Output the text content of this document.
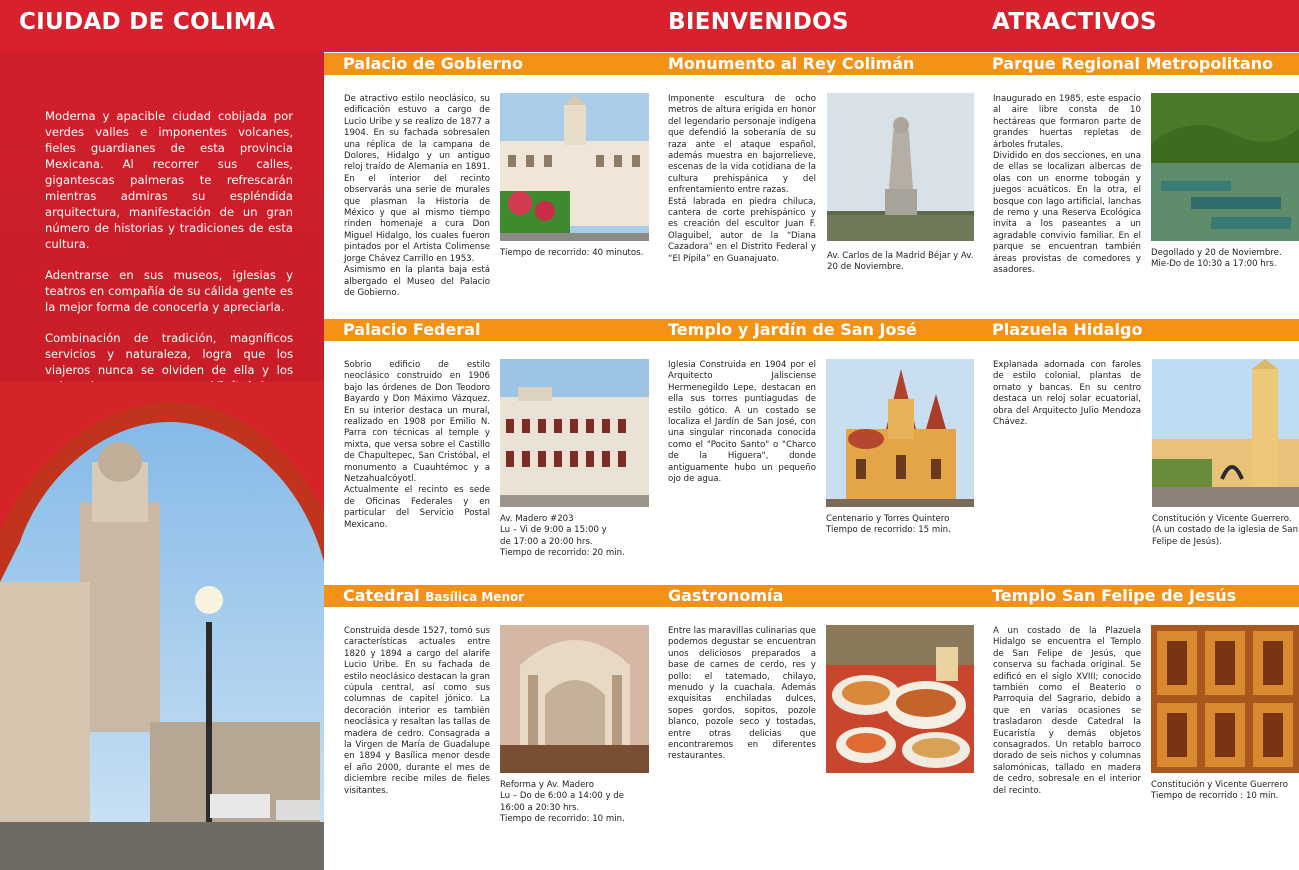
CIUDAD DE COLIMA	BIENVENIDOS	ATRACTIVOS

Moderna y apacible ciudad cobijada por verdes valles e imponentes volcanes, fieles guardianes de esta provincia Mexicana. Al recorrer sus calles, gigantescas palmeras te refrescarán mientras admiras su espléndida arquitectura, manifestación de un gran número de historias y tradiciones de esta cultura.

Adentrarse en sus museos, iglesias y teatros en compañía de su cálida gente es la mejor forma de conocerla y apreciarla.

Combinación de tradición, magníficos servicios y naturaleza, logra que los viajeros nunca se olviden de ella y los

Palacio de Gobierno	Monumento al Rey Colimán	Parque Regional Metropolitano
Palacio Federal	Templo y Jardín de San José	Plazuela Hidalgo
Catedral Basílica Menor	Gastronomía	Templo San Felipe de Jesús
De atractivo estilo neoclásico, su edificación estuvo a cargo de Lucio Uribe y se realizo de 1877 a 1904. En su fachada sobresalen una réplica de la campana de Dolores, Hidalgo y un antiguo reloj traído de Alemania en 1891. En el interior del recinto observarás una serie de murales que plasman la Historia de México y que al mismo tiempo rinden homenaje a cura Don Miguel Hidalgo, los cuales fueron pintados por el Artista Colimense Jorge Chávez Carrillo en 1953.
Asimismo en la planta baja está albergado el Museo del Palacio de Gobierno.
Tiempo de recorrido: 40 minutos.
Imponente escultura de ocho metros de altura erigida en honor del legendario personaje indígena que defendió la soberanía de su raza ante el ataque español, además muestra en bajorrelieve, escenas de la vida cotidiana de la cultura prehispánica y del enfrentamiento entre razas.
Está labrada en piedra chiluca, cantera de corte prehispánico y es creación del escultor Juan F. Olaguibel, autor de la “Diana Cazadora” en el Distrito Federal y “El Pípila” en Guanajuato.	Av. Carlos de la Madrid Béjar y Av. 20 de Noviembre.
Inaugurado en 1985, este espacio al aire libre consta de 10 hectáreas que formaron parte de grandes huertas repletas de árboles frutales.
Dividido en dos secciones, en una de ellas se localizan albercas de olas con un enorme tobogán y juegos acuáticos. En la otra, el bosque con lago artificial, lanchas de remo y una Reserva Ecológica invita a los paseantes a un agradable convivio familiar. En el parque se encuentran también áreas provistas de comedores y asadores.
Degollado y 20 de Noviembre.
Mie-Do de 10:30 a 17:00 hrs.
Sobrio edificio de estilo neoclásico construido en 1906 bajo las órdenes de Don Teodoro Bayardo y Don Máximo Vázquez. En su interior destaca un mural, realizado en 1908 por Emilio N. Parra con técnicas al temple y mixta, que versa sobre el Castillo de Chapultepec, San Cristóbal, el monumento a Cuauhtémoc y a Netzahualcóyotl.
Actualmente el recinto es sede de Oficinas Federales y en particular del Servicio Postal Mexicano.
Av. Madero #203
Lu – Vi de 9:00 a 15:00 y
de 17:00 a 20:00 hrs.
Tiempo de recorrido: 20 min.
Iglesia Construida en 1904 por el Arquitecto Jalisciense Hermenegildo Lepe, destacan en ella sus torres puntiagudas de estilo gótico. A un costado se localiza el Jardín de San José, con una singular rinconada conocida como el "Pocito Santo" o "Charco de la Higuera", donde antiguamente hubo un pequeño ojo de agua.
Centenario y Torres Quintero
Tiempo de recorrido: 15 min.
Explanada adornada con faroles de estilo colonial, plantas de ornato y bancas. En su centro destaca un reloj solar ecuatorial, obra del Arquitecto Julio Mendoza Chávez.
Constitución y Vicente Guerrero.
(A un costado de la iglesia de San Felipe de Jesús).
Construida desde 1527, tomó sus características actuales entre 1820 y 1894 a cargo del alarife Lucio Uribe. En su fachada de estilo neoclásico destacan la gran cúpula central, así como sus columnas de capitel jónico. La decoración interior es también neoclásica y resaltan las tallas de madera de cedro. Consagrada a la Virgen de María de Guadalupe en 1894 y Basílica menor desde el año 2000, durante el mes de diciembre recibe miles de fieles visitantes.
Reforma y Av. Madero
Lu – Do de 6:00 a 14:00 y de 16:00 a 20:30 hrs.
Tiempo de recorrido: 10 min.
Entre las maravillas culinarias que podemos degustar se encuentran unos deliciosos preparados a base de carnes de cerdo, res y pollo: el tatemado, chilayo, menudo y la cuachala. Además exquisitas enchiladas dulces, sopes gordos, sopitos, pozole blanco, pozole seco y tostadas, entre otras delicias que encontraremos en diferentes restaurantes.
A un costado de la Plazuela Hidalgo se encuentra el Templo de San Felipe de Jesús, que conserva su fachada original. Se edificó en el siglo XVIII; conocido también como el Beaterio o Parroquia del Sagrario, debido a que en varias ocasiones se trasladaron desde Catedral la Eucaristía y demás objetos consagrados. Un retablo barroco dorado de seis nichos y columnas salomónicas, tallado en madera de cedro, sobresale en el interior del recinto.
Constitución y Vicente Guerrero
Tiempo de recorrido : 10 min.
